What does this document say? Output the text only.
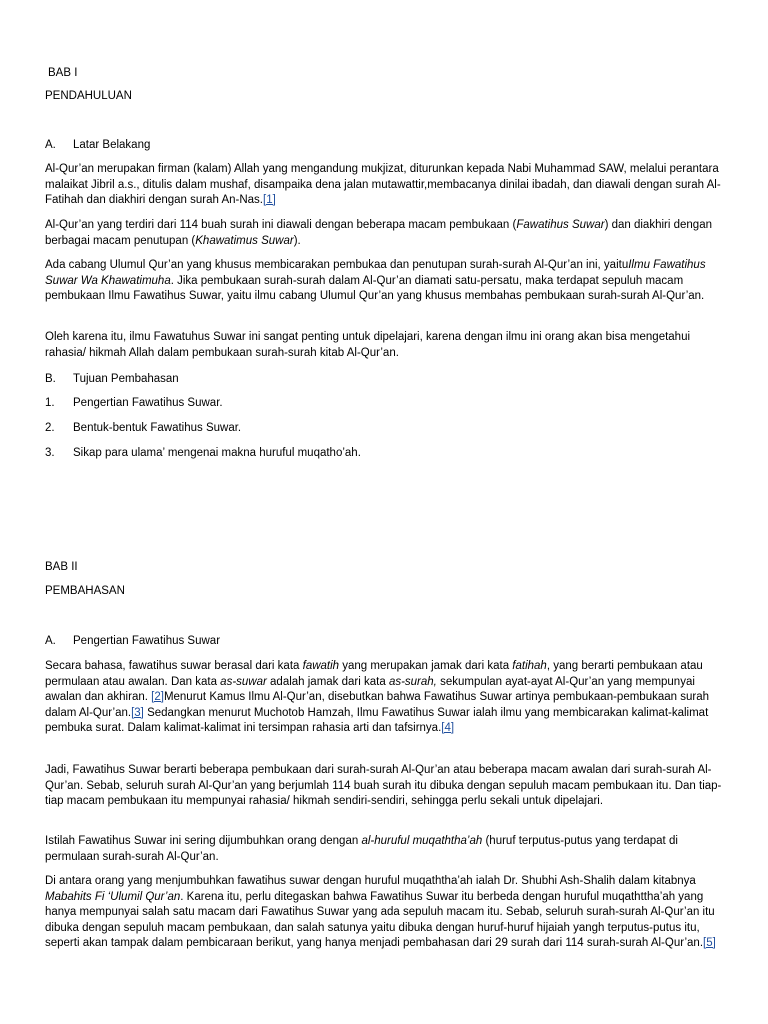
BAB I
PENDAHULUAN
A. Latar Belakang

Al-Qur’an merupakan firman (kalam) Allah yang mengandung mukjizat, diturunkan kepada Nabi Muhammad SAW, melalui perantara malaikat Jibril a.s., ditulis dalam mushaf, disampaika dena jalan mutawattir,membacanya dinilai ibadah, dan diawali dengan surah Al-Fatihah dan diakhiri dengan surah An-Nas.[1]

Al-Qur’an yang terdiri dari 114 buah surah ini diawali dengan beberapa macam pembukaan (Fawatihus Suwar) dan diakhiri dengan berbagai macam penutupan (Khawatimus Suwar).

Ada cabang Ulumul Qur’an yang khusus membicarakan pembukaa dan penutupan surah-surah Al-Qur’an ini, yaituIlmu Fawatihus Suwar Wa Khawatimuha. Jika pembukaan surah-surah dalam Al-Qur’an diamati satu-persatu, maka terdapat sepuluh macam pembukaan Ilmu Fawatihus Suwar, yaitu ilmu cabang Ulumul Qur’an yang khusus membahas pembukaan surah-surah Al-Qur’an.

Oleh karena itu, ilmu Fawatuhus Suwar ini sangat penting untuk dipelajari, karena dengan ilmu ini orang akan bisa mengetahui rahasia/ hikmah Allah dalam pembukaan surah-surah kitab Al-Qur’an.

B. Tujuan Pembahasan
1. Pengertian Fawatihus Suwar.
2. Bentuk-bentuk Fawatihus Suwar.
3. Sikap para ulama’ mengenai makna huruful muqatho’ah.
BAB II
PEMBAHASAN
A. Pengertian Fawatihus Suwar

Secara bahasa, fawatihus suwar berasal dari kata fawatih yang merupakan jamak dari kata fatihah, yang berarti pembukaan atau permulaan atau awalan. Dan kata as-suwar adalah jamak dari kata as-surah, sekumpulan ayat-ayat Al-Qur’an yang mempunyai awalan dan akhiran. [2]Menurut Kamus Ilmu Al-Qur’an, disebutkan bahwa Fawatihus Suwar artinya pembukaan-pembukaan surah dalam Al-Qur’an.[3] Sedangkan menurut Muchotob Hamzah, Ilmu Fawatihus Suwar ialah ilmu yang membicarakan kalimat-kalimat pembuka surat. Dalam kalimat-kalimat ini tersimpan rahasia arti dan tafsirnya.[4]

Jadi, Fawatihus Suwar berarti beberapa pembukaan dari surah-surah Al-Qur’an atau beberapa macam awalan dari surah-surah Al-Qur’an. Sebab, seluruh surah Al-Qur’an yang berjumlah 114 buah surah itu dibuka dengan sepuluh macam pembukaan itu. Dan tiap-tiap macam pembukaan itu mempunyai rahasia/ hikmah sendiri-sendiri, sehingga perlu sekali untuk dipelajari.

Istilah Fawatihus Suwar ini sering dijumbuhkan orang dengan al-huruful muqaththa’ah (huruf terputus-putus yang terdapat di permulaan surah-surah Al-Qur’an.

Di antara orang yang menjumbuhkan fawatihus suwar dengan huruful muqaththa’ah ialah Dr. Shubhi Ash-Shalih dalam kitabnya Mabahits Fi ‘Ulumil Qur’an. Karena itu, perlu ditegaskan bahwa Fawatihus Suwar itu berbeda dengan huruful muqathttha’ah yang hanya mempunyai salah satu macam dari Fawatihus Suwar yang ada sepuluh macam itu. Sebab, seluruh surah-surah Al-Qur’an itu dibuka dengan sepuluh macam pembukaan, dan salah satunya yaitu dibuka dengan huruf-huruf hijaiah yangh terputus-putus itu, seperti akan tampak dalam pembicaraan berikut, yang hanya menjadi pembahasan dari 29 surah dari 114 surah-surah Al-Qur’an.[5]
